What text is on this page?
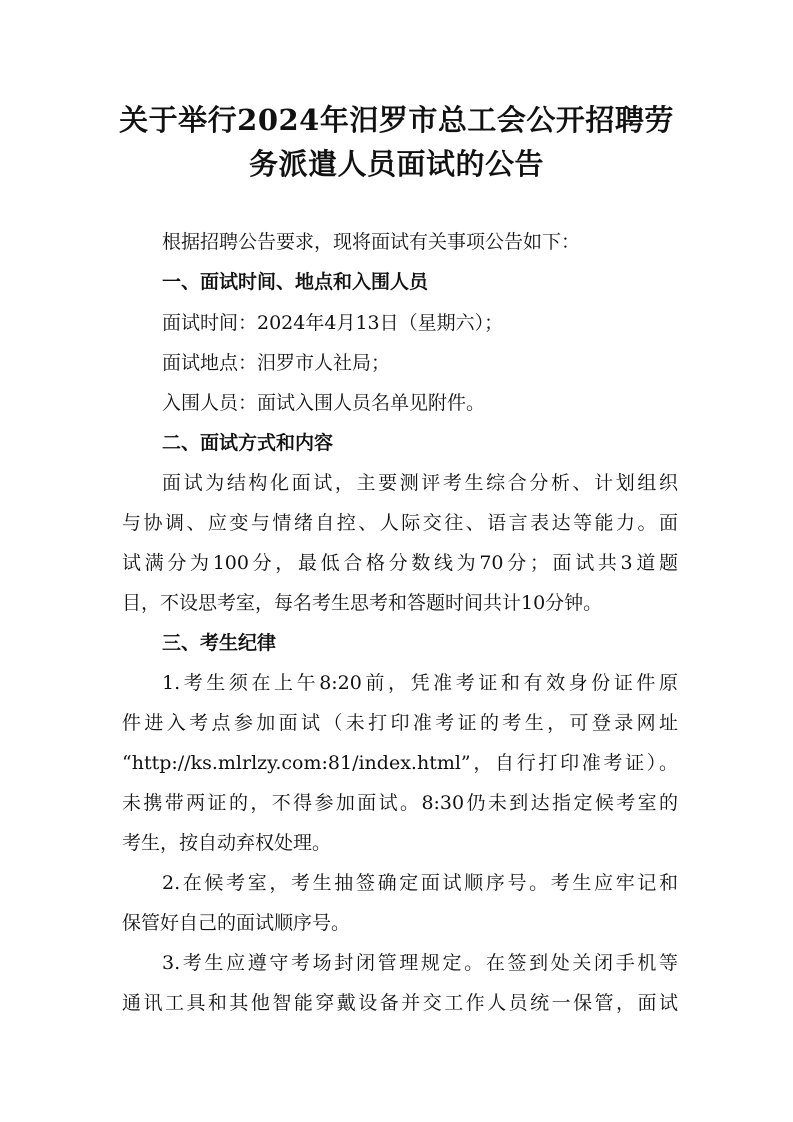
关于举行2024年汨罗市总工会公开招聘劳
务派遣人员面试的公告

根据招聘公告要求，现将面试有关事项公告如下：

一、面试时间、地点和入围人员

面试时间：2024年4月13日（星期六）；

面试地点：汨罗市人社局；

入围人员：面试入围人员名单见附件。

二、面试方式和内容

面试为结构化面试，主要测评考生综合分析、计划组织

与协调、应变与情绪自控、人际交往、语言表达等能力。面

试满分为100分，最低合格分数线为70分；面试共3道题

目，不设思考室，每名考生思考和答题时间共计10分钟。

三、考生纪律

1.考生须在上午8:20前，凭准考证和有效身份证件原

件进入考点参加面试（未打印准考证的考生，可登录网址

“http://ks.mlrlzy.com:81/index.html”，自行打印准考证）。

未携带两证的，不得参加面试。8:30仍未到达指定候考室的

考生，按自动弃权处理。

2.在候考室，考生抽签确定面试顺序号。考生应牢记和

保管好自己的面试顺序号。

3.考生应遵守考场封闭管理规定。在签到处关闭手机等

通讯工具和其他智能穿戴设备并交工作人员统一保管，面试
